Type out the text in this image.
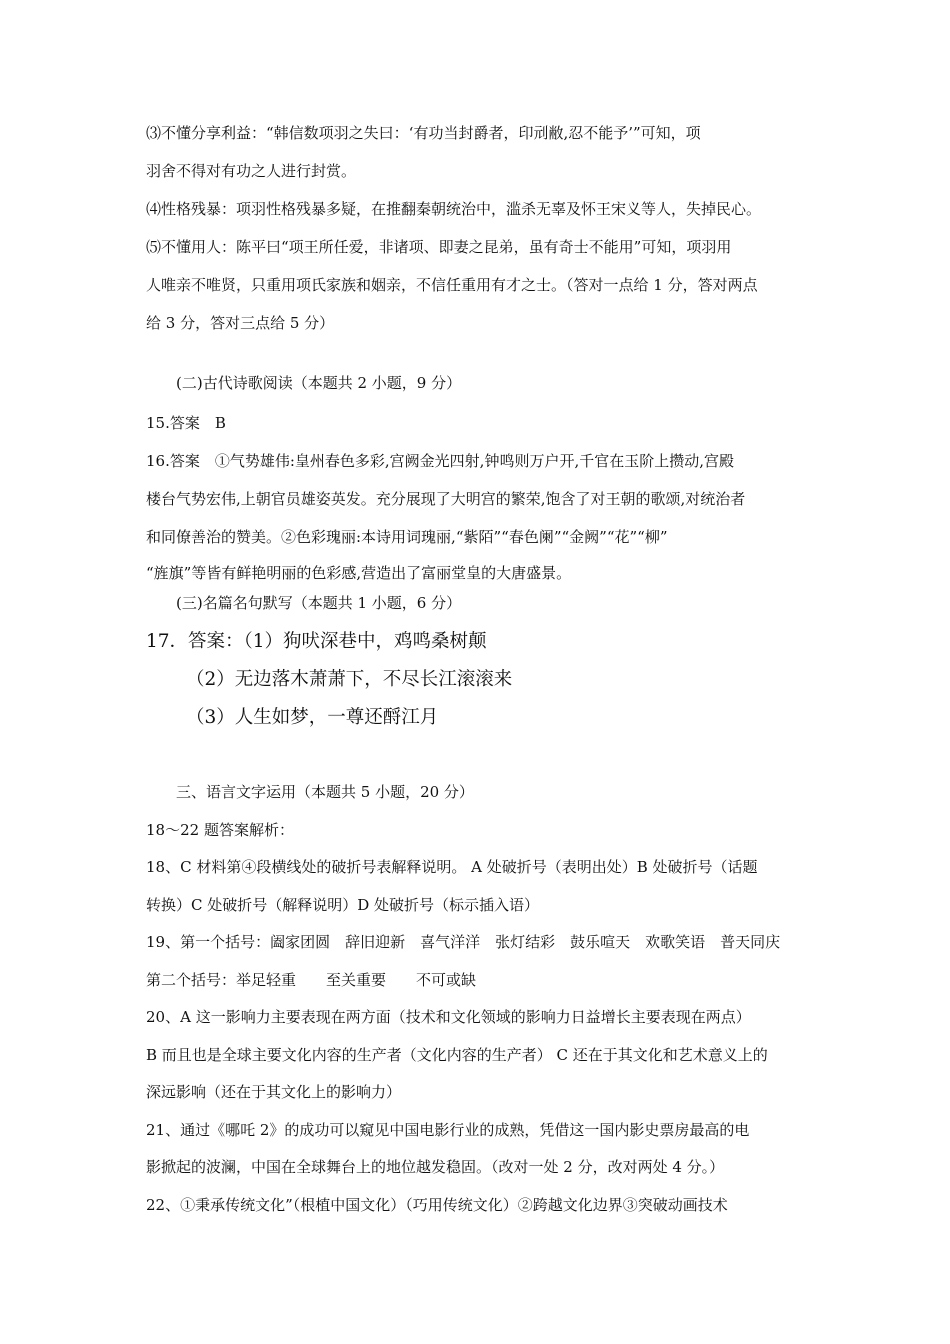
⑶不懂分享利益：“韩信数项羽之失曰：‘有功当封爵者，印刓敝,忍不能予’”可知，项
羽舍不得对有功之人进行封赏。
⑷性格残暴：项羽性格残暴多疑，在推翻秦朝统治中，滥杀无辜及怀王宋义等人，失掉民心。
⑸不懂用人：陈平曰“项王所任爱，非诸项、即妻之昆弟，虽有奇士不能用”可知，项羽用
人唯亲不唯贤，只重用项氏家族和姻亲，不信任重用有才之士。（答对一点给 1 分，答对两点
给 3 分，答对三点给 5 分）
(二)古代诗歌阅读（本题共 2 小题，9 分）
15.答案　B
16.答案　①气势雄伟:皇州春色多彩,宫阙金光四射,钟鸣则万户开,千官在玉阶上攒动,宫殿
楼台气势宏伟,上朝官员雄姿英发。充分展现了大明宫的繁荣,饱含了对王朝的歌颂,对统治者
和同僚善治的赞美。②色彩瑰丽:本诗用词瑰丽,“紫陌”“春色阑”“金阙”“花”“柳”
“旌旗”等皆有鲜艳明丽的色彩感,营造出了富丽堂皇的大唐盛景。
(三)名篇名句默写（本题共 1 小题，6 分）
17．答案：（1）狗吠深巷中，鸡鸣桑树颠
（2）无边落木萧萧下，不尽长江滚滚来
（3）人生如梦，一尊还酹江月
三、语言文字运用（本题共 5 小题，20 分）
18～22 题答案解析：
18、C 材料第④段横线处的破折号表解释说明。 A 处破折号（表明出处）B 处破折号（话题
转换）C 处破折号（解释说明）D 处破折号（标示插入语）
19、第一个括号：阖家团圆　辞旧迎新　喜气洋洋　张灯结彩　鼓乐喧天　欢歌笑语　普天同庆
第二个括号：举足轻重　　至关重要　　不可或缺
20、A 这一影响力主要表现在两方面（技术和文化领域的影响力日益增长主要表现在两点）
B 而且也是全球主要文化内容的生产者（文化内容的生产者） C 还在于其文化和艺术意义上的
深远影响（还在于其文化上的影响力）
21、通过《哪吒 2》的成功可以窥见中国电影行业的成熟，凭借这一国内影史票房最高的电
影掀起的波澜，中国在全球舞台上的地位越发稳固。（改对一处 2 分，改对两处 4 分。）
22、①秉承传统文化”（根植中国文化）（巧用传统文化）②跨越文化边界③突破动画技术
